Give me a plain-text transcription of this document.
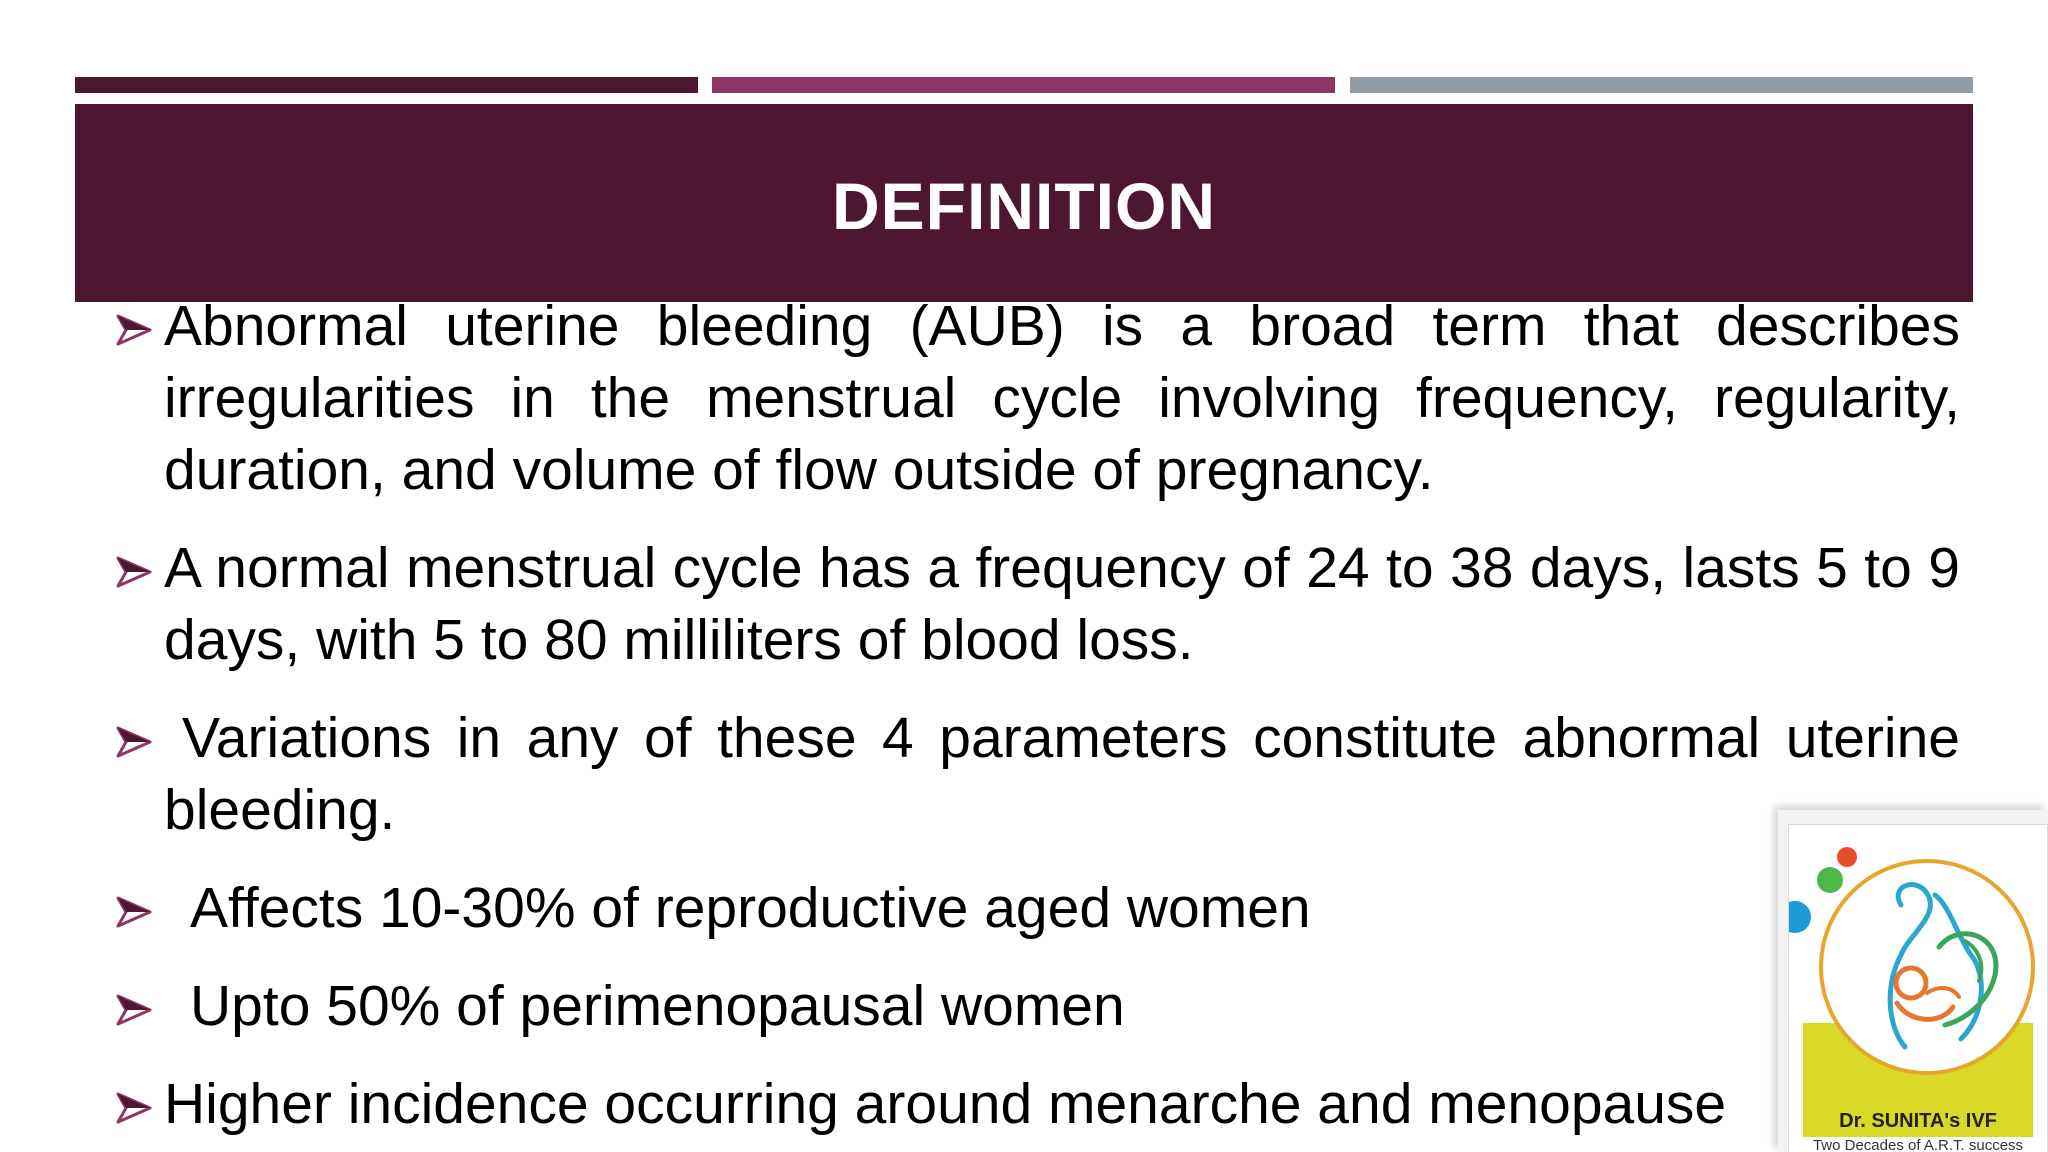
DEFINITION
Abnormal uterine bleeding (AUB) is a broad term that describes irregularities in the menstrual cycle involving frequency, regularity, duration, and volume of flow outside of pregnancy.
A normal menstrual cycle has a frequency of 24 to 38 days, lasts 5 to 9 days, with 5 to 80 milliliters of blood loss.
Variations in any of these 4 parameters constitute abnormal uterine bleeding.
Affects 10-30% of reproductive aged women
Upto 50% of perimenopausal women
Higher incidence occurring around menarche and menopause	Dr. SUNITA's IVF
Two Decades of A.R.T. success
